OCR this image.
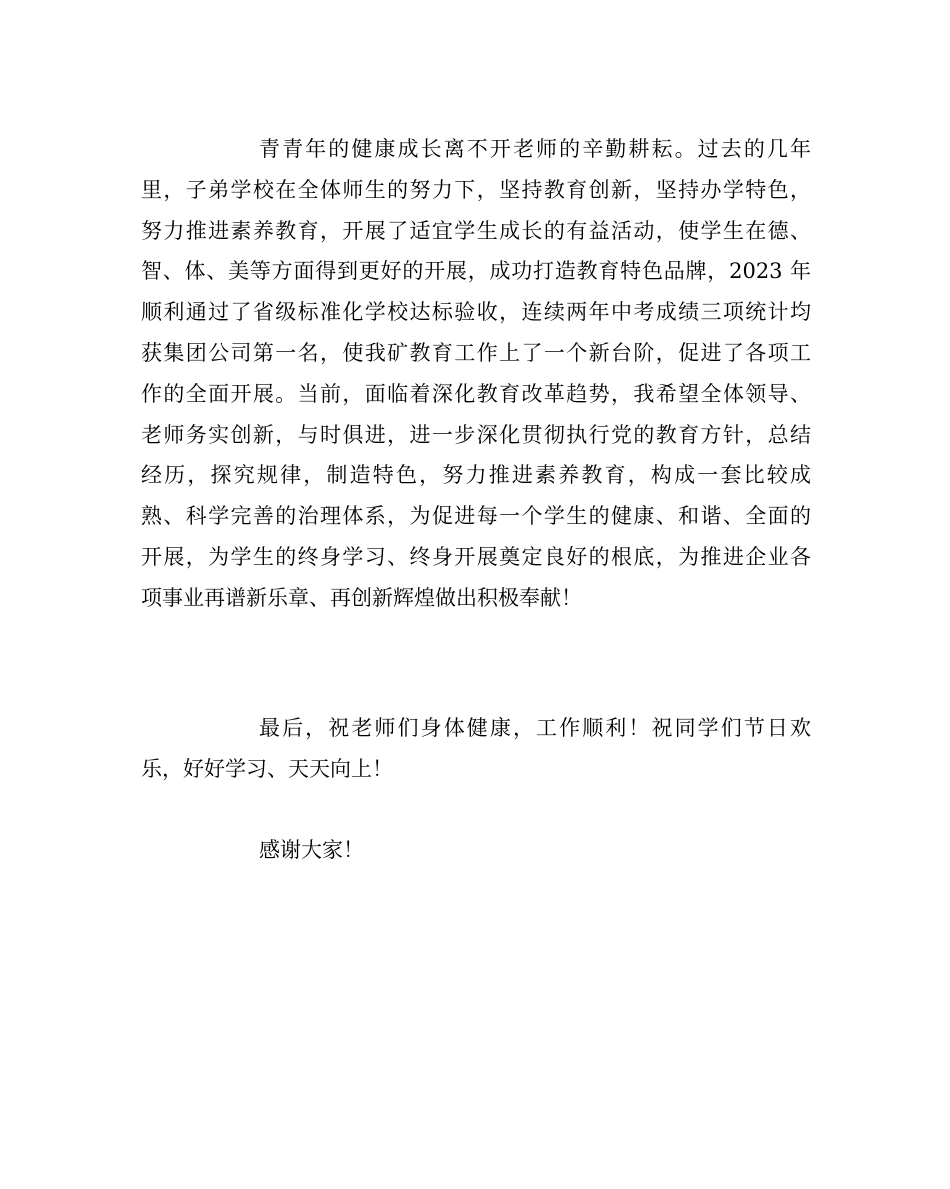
青青年的健康成长离不开老师的辛勤耕耘。过去的几年
里，子弟学校在全体师生的努力下，坚持教育创新，坚持办学特色，
努力推进素养教育，开展了适宜学生成长的有益活动，使学生在德、
智、体、美等方面得到更好的开展，成功打造教育特色品牌，2023 年
顺利通过了省级标准化学校达标验收，连续两年中考成绩三项统计均
获集团公司第一名，使我矿教育工作上了一个新台阶，促进了各项工
作的全面开展。当前，面临着深化教育改革趋势，我希望全体领导、
老师务实创新，与时俱进，进一步深化贯彻执行党的教育方针，总结
经历，探究规律，制造特色，努力推进素养教育，构成一套比较成
熟、科学完善的治理体系，为促进每一个学生的健康、和谐、全面的
开展，为学生的终身学习、终身开展奠定良好的根底，为推进企业各
项事业再谱新乐章、再创新辉煌做出积极奉献！
最后，祝老师们身体健康，工作顺利！祝同学们节日欢
乐，好好学习、天天向上！
感谢大家！
